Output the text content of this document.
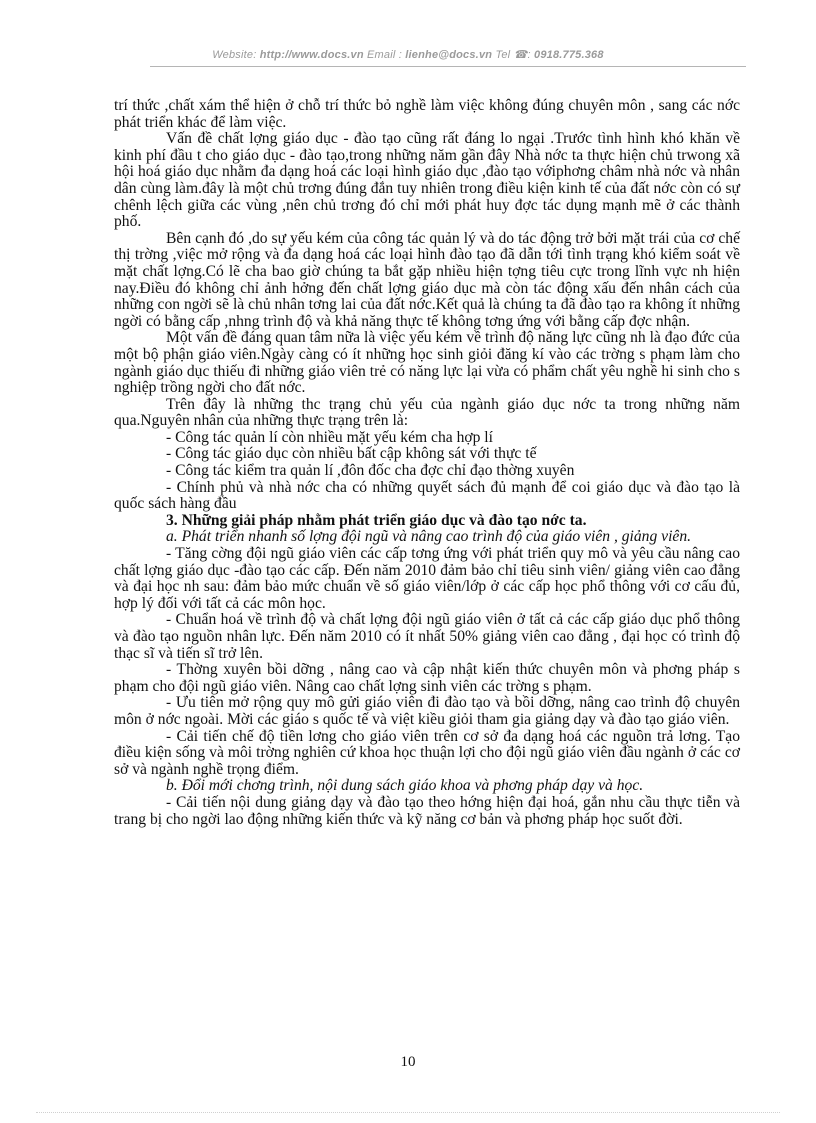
Website: http://www.docs.vn Email : lienhe@docs.vn Tel ☎: 0918.775.368

trí thức ,chất xám thể hiện ở chỗ trí thức bỏ nghề làm việc không đúng chuyên môn , sang các nớc phát triển khác để làm việc.

Vấn đề chất lợng giáo dục - đào tạo cũng rất đáng lo ngại .Trước tình hình khó khăn về kinh phí đầu t cho giáo dục - đào tạo,trong những năm gần đây Nhà nớc ta thực hiện chủ trwong xã hội hoá giáo dục nhằm đa dạng hoá các loại hình giáo dục ,đào tạo vớiphơng châm nhà nớc và nhân dân cùng làm.đây là một chủ trơng đúng đắn tuy nhiên trong điều kiện kinh tế của đất nớc còn có sự chênh lệch giữa các vùng ,nên chủ trơng đó chỉ mới phát huy đợc tác dụng mạnh mẽ ở các thành phố.

Bên cạnh đó ,do sự yếu kém của công tác quản lý và do tác động trở bởi mặt trái của cơ chế thị trờng ,việc mở rộng và đa dạng hoá các loại hình đào tạo đã dẫn tới tình trạng khó kiểm soát về mặt chất lợng.Có lẽ cha bao giờ chúng ta bắt gặp nhiều hiện tợng tiêu cực trong lĩnh vực nh hiện nay.Điều đó không chỉ ảnh hởng đến chất lợng giáo dục mà còn tác động xấu đến nhân cách của những con ngời sẽ là chủ nhân tơng lai của đất nớc.Kết quả là chúng ta đã đào tạo ra không ít những ngời có bằng cấp ,nhng trình độ và khả năng thực tế không tơng ứng với bằng cấp đợc nhận.

Một vấn đề đáng quan tâm nữa là việc yếu kém về trình độ năng lực cũng nh là đạo đức của một bộ phận giáo viên.Ngày càng có ít những học sinh giỏi đăng kí vào các trờng s phạm làm cho ngành giáo dục thiếu đi những giáo viên trẻ có năng lực lại vừa có phẩm chất yêu nghề hi sinh cho s nghiệp trồng ngời cho đất nớc.

Trên đây là những thc trạng chủ yếu của ngành giáo dục nớc ta trong những năm qua.Nguyên nhân của những thực trạng trên là:

- Công tác quản lí còn nhiều mặt yếu kém cha hợp lí

- Công tác giáo dục còn nhiều bất cập không sát với thực tế

- Công tác kiểm tra quản lí ,đôn đốc cha đợc chỉ đạo thờng xuyên

- Chính phủ và nhà nớc cha có những quyết sách đủ mạnh để coi giáo dục và đào tạo là quốc sách hàng đầu

3. Những giải pháp nhằm phát triển giáo dục và đào tạo nớc ta.

a. Phát triển nhanh số lợng đội ngũ và nâng cao trình độ của giáo viên , giảng viên.

- Tăng cờng đội ngũ giáo viên các cấp tơng ứng với phát triển quy mô và yêu cầu nâng cao chất lợng giáo dục -đào tạo các cấp. Đến năm 2010 đảm bảo chỉ tiêu sinh viên/ giảng viên cao đẳng và đại học nh sau: đảm bảo mức chuẩn về số giáo viên/lớp ở các cấp học phổ thông với cơ cấu đủ, hợp lý đối với tất cả các môn học.

- Chuẩn hoá về trình độ và chất lợng đội ngũ giáo viên ở tất cả các cấp giáo dục phổ thông và đào tạo nguồn nhân lực. Đến năm 2010 có ít nhất 50% giảng viên cao đẳng , đại học có trình độ thạc sĩ và tiến sĩ trở lên.

- Thờng xuyên bồi dỡng , nâng cao và cập nhật kiến thức chuyên môn và phơng pháp s phạm cho đội ngũ giáo viên. Nâng cao chất lợng sinh viên các trờng s phạm.

- Ưu tiên mở rộng quy mô gửi giáo viên đi đào tạo và bồi dỡng, nâng cao trình độ chuyên môn ở nớc ngoài. Mời các giáo s quốc tế và việt kiều giỏi tham gia giảng dạy và đào tạo giáo viên.

- Cải tiến chế độ tiền lơng cho giáo viên trên cơ sở đa dạng hoá các nguồn trả lơng. Tạo điều kiện sống và môi trờng nghiên cứ khoa học thuận lợi cho đội ngũ giáo viên đầu ngành ở các cơ sở và ngành nghề trọng điểm.

b. Đổi mới chơng trình, nội dung sách giáo khoa và phơng pháp dạy và học.

- Cải tiến nội dung giảng dạy và đào tạo theo hớng hiện đại hoá, gắn nhu cầu thực tiễn và trang bị cho ngời lao động những kiến thức và kỹ năng cơ bản và phơng pháp học suốt đời.

10
